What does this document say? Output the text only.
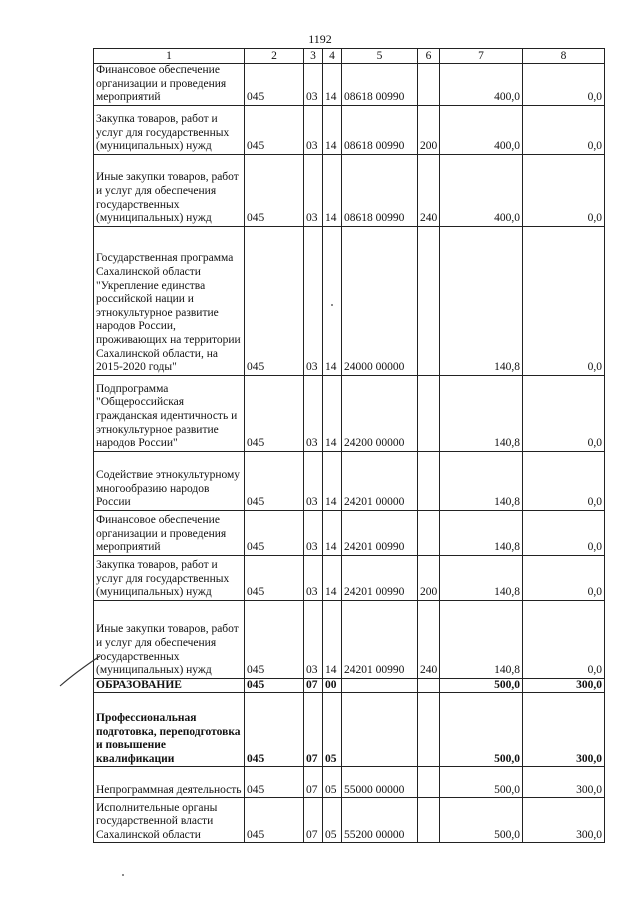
1192
1	2	3	4	5	6	7	8
Финансовое обеспечение организации и проведения мероприятий	045	03	14	08618 00990		400,0	0,0
Закупка товаров, работ и услуг для государственных (муниципальных) нужд	045	03	14	08618 00990	200	400,0	0,0
Иные закупки товаров, работ и услуг для обеспечения государственных (муниципальных) нужд	045	03	14	08618 00990	240	400,0	0,0
Государственная программа Сахалинской области "Укрепление единства российской нации и этнокультурное развитие народов России, проживающих на территории Сахалинской области, на 2015-2020 годы"	045	03	14	24000 00000		140,8	0,0
Подпрограмма "Общероссийская гражданская идентичность и этнокультурное развитие народов России"	045	03	14	24200 00000		140,8	0,0
Содействие этнокультурному многообразию народов России	045	03	14	24201 00000		140,8	0,0
Финансовое обеспечение организации и проведения мероприятий	045	03	14	24201 00990		140,8	0,0
Закупка товаров, работ и услуг для государственных (муниципальных) нужд	045	03	14	24201 00990	200	140,8	0,0
Иные закупки товаров, работ и услуг для обеспечения государственных (муниципальных) нужд	045	03	14	24201 00990	240	140,8	0,0
ОБРАЗОВАНИЕ	045	07	00			500,0	300,0
Профессиональная подготовка, переподготовка и повышение квалификации	045	07	05			500,0	300,0
Непрограммная деятельность	045	07	05	55000 00000		500,0	300,0
Исполнительные органы государственной власти Сахалинской области	045	07	05	55200 00000		500,0	300,0
